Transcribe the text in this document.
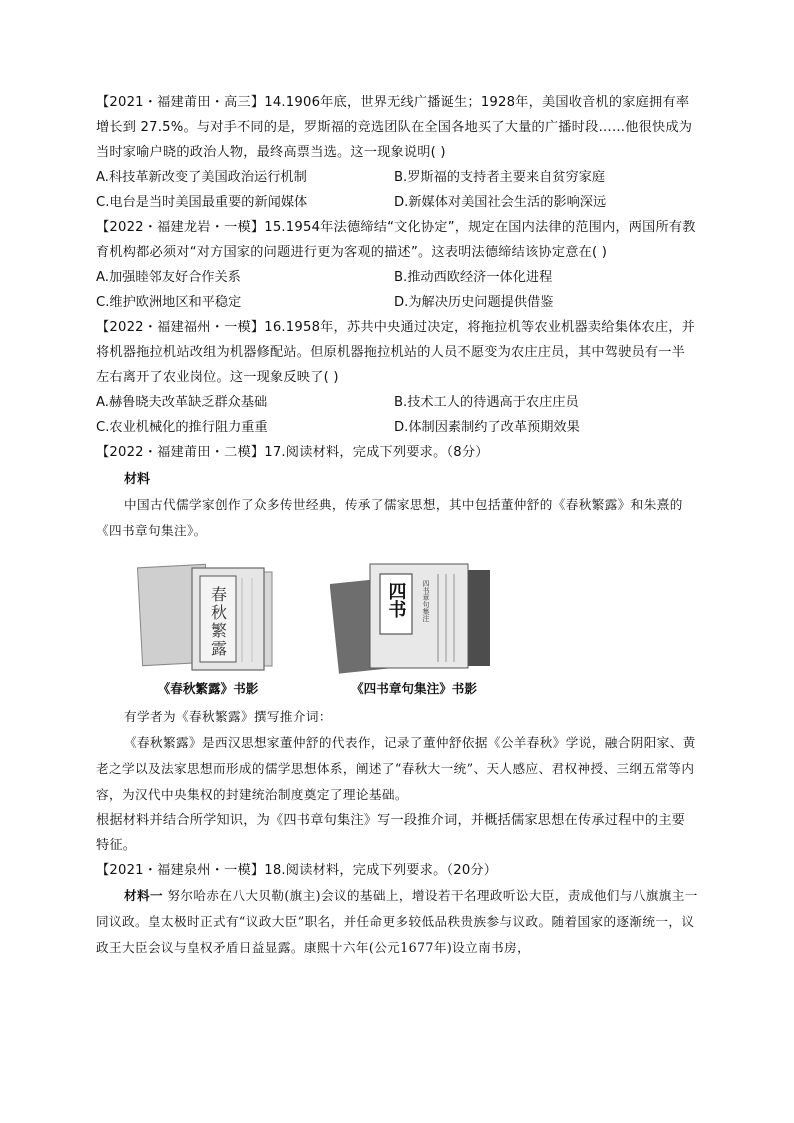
【2021・福建莆田・高三】14.1906年底，世界无线广播诞生；1928年，美国收音机的家庭拥有率增长到 27.5%。与对手不同的是，罗斯福的竞选团队在全国各地买了大量的广播时段……他很快成为当时家喻户晓的政治人物，最终高票当选。这一现象说明( )

A.科技革新改变了美国政治运行机制	B.罗斯福的支持者主要来自贫穷家庭
C.电台是当时美国最重要的新闻媒体	D.新媒体对美国社会生活的影响深远

【2022・福建龙岩・一模】15.1954年法德缔结“文化协定”，规定在国内法律的范围内，两国所有教育机构都必须对“对方国家的问题进行更为客观的描述”。这表明法德缔结该协定意在( )

A.加强睦邻友好合作关系	B.推动西欧经济一体化进程
C.维护欧洲地区和平稳定	D.为解决历史问题提供借鉴

【2022・福建福州・一模】16.1958年，苏共中央通过决定，将拖拉机等农业机器卖给集体农庄，并将机器拖拉机站改组为机器修配站。但原机器拖拉机站的人员不愿变为农庄庄员，其中驾驶员有一半左右离开了农业岗位。这一现象反映了( )

A.赫鲁晓夫改革缺乏群众基础	B.技术工人的待遇高于农庄庄员
C.农业机械化的推行阻力重重	D.体制因素制约了改革预期效果

【2022・福建莆田・二模】17.阅读材料，完成下列要求。（8分）

材料

中国古代儒学家创作了众多传世经典，传承了儒家思想，其中包括董仲舒的《春秋繁露》和朱熹的《四书章句集注》。

春秋繁露
《春秋繁露》书影
四书 四书章句集注
《四书章句集注》书影

有学者为《春秋繁露》撰写推介词：

《春秋繁露》是西汉思想家董仲舒的代表作，记录了董仲舒依据《公羊春秋》学说，融合阴阳家、黄老之学以及法家思想而形成的儒学思想体系，阐述了“春秋大一统”、天人感应、君权神授、三纲五常等内容，为汉代中央集权的封建统治制度奠定了理论基础。

根据材料并结合所学知识，为《四书章句集注》写一段推介词，并概括儒家思想在传承过程中的主要特征。

【2021・福建泉州・一模】18.阅读材料，完成下列要求。（20分）

材料一 努尔哈赤在八大贝勒(旗主)会议的基础上，增设若干名理政听讼大臣，责成他们与八旗旗主一同议政。皇太极时正式有“议政大臣”职名，并任命更多较低品秩贵族参与议政。随着国家的逐渐统一，议政王大臣会议与皇权矛盾日益显露。康熙十六年(公元1677年)设立南书房，
